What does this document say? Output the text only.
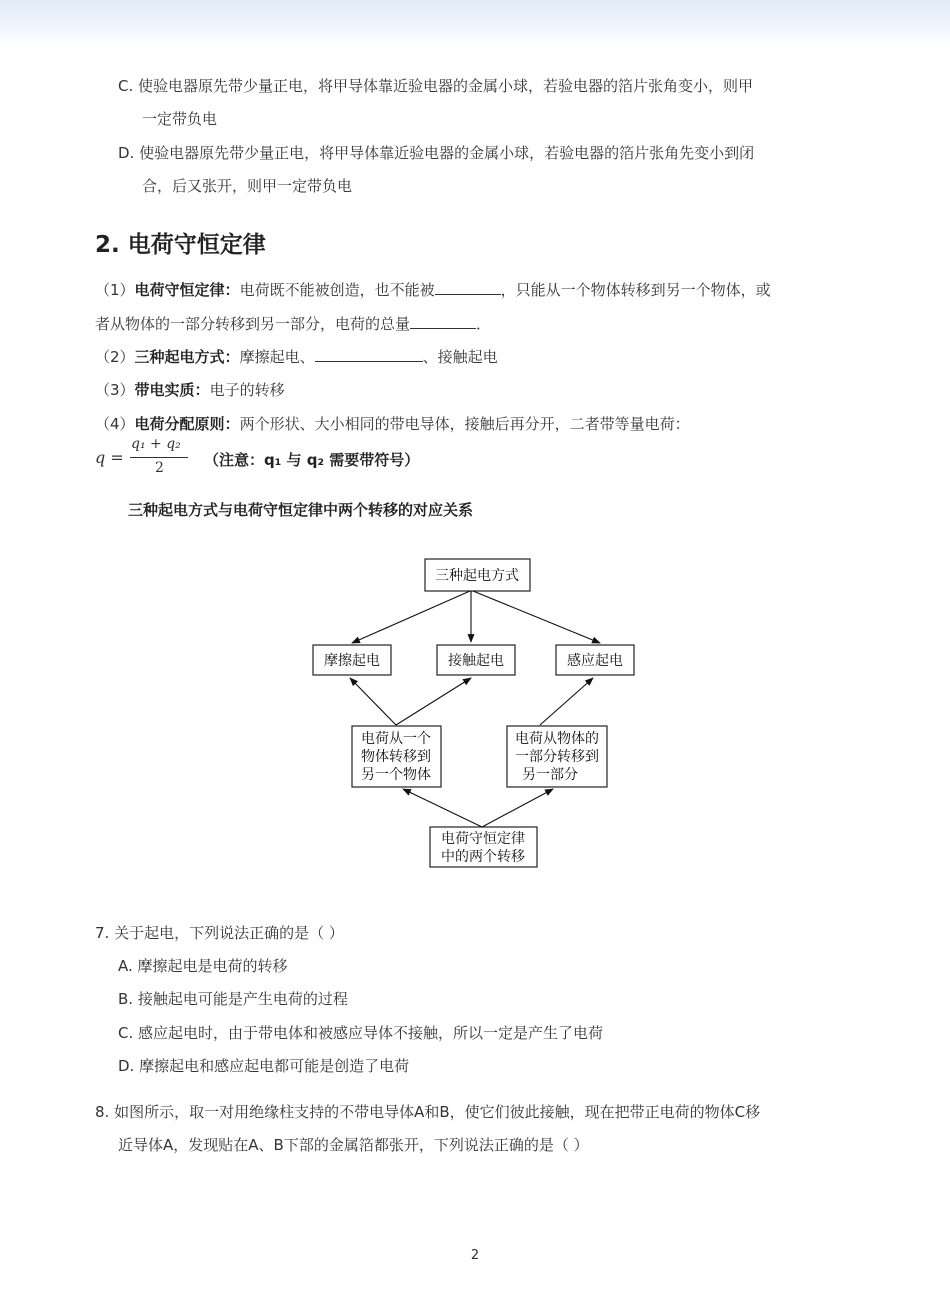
C. 使验电器原先带少量正电，将甲导体靠近验电器的金属小球，若验电器的箔片张角变小，则甲
一定带负电
D. 使验电器原先带少量正电，将甲导体靠近验电器的金属小球，若验电器的箔片张角先变小到闭
合，后又张开，则甲一定带负电
2. 电荷守恒定律
（1）电荷守恒定律：电荷既不能被创造，也不能被	，只能从一个物体转移到另一个物体，或
者从物体的一部分转移到另一部分，电荷的总量	．
（2）三种起电方式：摩擦起电、	、接触起电
（3）带电实质：电子的转移
（4）电荷分配原则：两个形状、大小相同的带电导体，接触后再分开，二者带等量电荷：
q =
q₁ + q₂
2	（注意：q₁ 与 q₂ 需要带符号）
三种起电方式与电荷守恒定律中两个转移的对应关系
三种起电方式
摩擦起电	接触起电	感应起电
电荷从一个
物体转移到
另一个物体
电荷从物体的
一部分转移到
另一部分
电荷守恒定律
中的两个转移
7. 关于起电，下列说法正确的是（ ）
A. 摩擦起电是电荷的转移
B. 接触起电可能是产生电荷的过程
C. 感应起电时，由于带电体和被感应导体不接触，所以一定是产生了电荷
D. 摩擦起电和感应起电都可能是创造了电荷
8. 如图所示，取一对用绝缘柱支持的不带电导体A和B，使它们彼此接触，现在把带正电荷的物体C移
近导体A，发现贴在A、B下部的金属箔都张开，下列说法正确的是（ ）
2
